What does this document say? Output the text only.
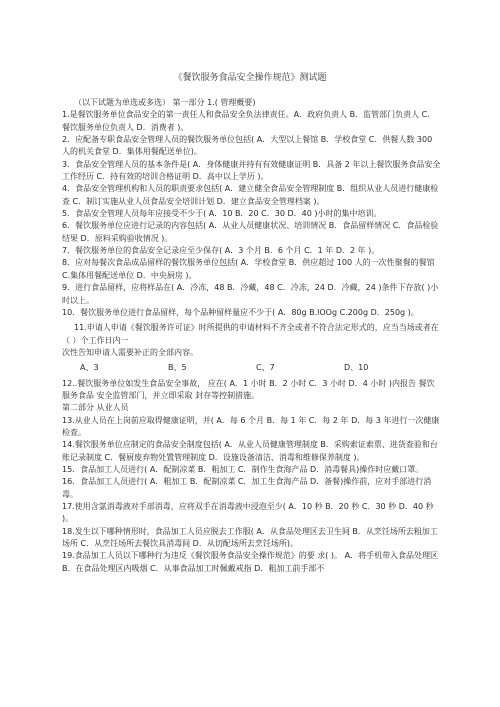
《餐饮服务食品安全操作规范》测试题

（以下试题为单选或多选） 第一部分 1.( 管理概要)

1.是餐饮服务单位食品安全的第一责任人和食品安全负法律责任。A．政府负责人 B．监管部门负责人 C．餐饮服务单位负责人 D．消费者 )。

2．应配备专职食品安全管理人员的餐饮服务单位包括( A．大型以上餐馆 B．学校食堂 C．供餐人数 300 人的机关食堂 D．集体用餐配送单位)。

3．食品安全管理人员的基本条件是( A．身体健康并持有有效健康证明 B．具备 2 年以上餐饮服务食品安全工作经历 C．持有效的培训合格证明 D．高中以上学历 )。

4．食品安全管理机构和人员的职责要求包括( A．建立健全食品安全管理制度 B．组织从业人员进行健康检查 C．制订实施从业人员食品安全培训计划 D．建立食品安全管理档案 )。

5．食品安全管理人员每年应接受不少于( A．10 B．20 C．30 D．40 )小时的集中培训。

6．餐饮服务单位应进行记录的内容包括( A．从业人员健康状况、培训情况 B．食品留样情况 C．食品检验结果 D．原料采购验收情况 )。

7．餐饮服务单位的食品安全记录应至少保存( A．3 个月 B．6 个月 C．1 年 D．2 年 )。

8．应对每餐次食品成品留样的餐饮服务单位包括( A．学校食堂 B．供应超过 100 人的一次性聚餐的餐馆 C.集体用餐配送单位 D．中央厨房 )。

9．进行食品留样，应将样品在( A．冷冻，48 B．冷藏，48 C．冷冻，24 D．冷藏，24 )条件下存放( )小时以上。

10．餐饮服务单位进行食品留样，每个品种留样量应不少于( A．80g B.lOOg C.200g D．250g )。

11.申请人申请《餐饮服务许可证》时所提供的申请材料不齐全或者不符合法定形式的，应当当场或者在（ ）个工作日内一

次性告知申请人需要补正的全部内容。

A、3	B、5	C、7	D、10

12..餐饮服务单位如发生食品安全事故， 应在( A．1 小时 B．2 小时 C．3 小时 D．4 小时 )内报告 餐饮服务食品 安全监管部门，并立即采取 封存等控制措施。

第二部分 从业人员

13.从业人员在上岗前应取得健康证明，并( A．每 6 个月 B．每 1 年 C．每 2 年 D．每 3 年进行一次健康检查。

14.餐饮服务单位应制定的食品安全制度包括( A．从业人员健康管理制度 B．采购索证索票、进货查验和台账记录制度 C．餐厨废弃物处置管理制度 D．设施设备清洁、消毒和维修保养制度 )。

15．食品加工人员进行( A．配制凉菜 B．粗加工 C．制作生食海产品 D．消毒餐具)操作时应戴口罩。

16．食品加工人员进行( A．粗加工 B．配制凉菜 C．加工生食海产品 D．备餐)操作前，应对手部进行消毒。

17.使用含氯消毒液对手部消毒，应将双手在消毒液中浸泡至少( A．10 秒 B．20 秒 C．30 秒 D．40 秒 )。

18.发生以下哪种情形时，食品加工人员应脱去工作服( A．从食品处理区去卫生间 B．从烹饪场所去粗加工场所 C．从烹饪场所去餐饮具消毒间 D．从切配场所去烹饪场所)。

19.食品加工人员以下哪种行为违反《餐饮服务食品安全操作规范》的要 求( )。 A．将手机带入食品处理区 B．在食品处理区内吸烟 C．从事食品加工时佩戴戒指 D．粗加工前手部不
